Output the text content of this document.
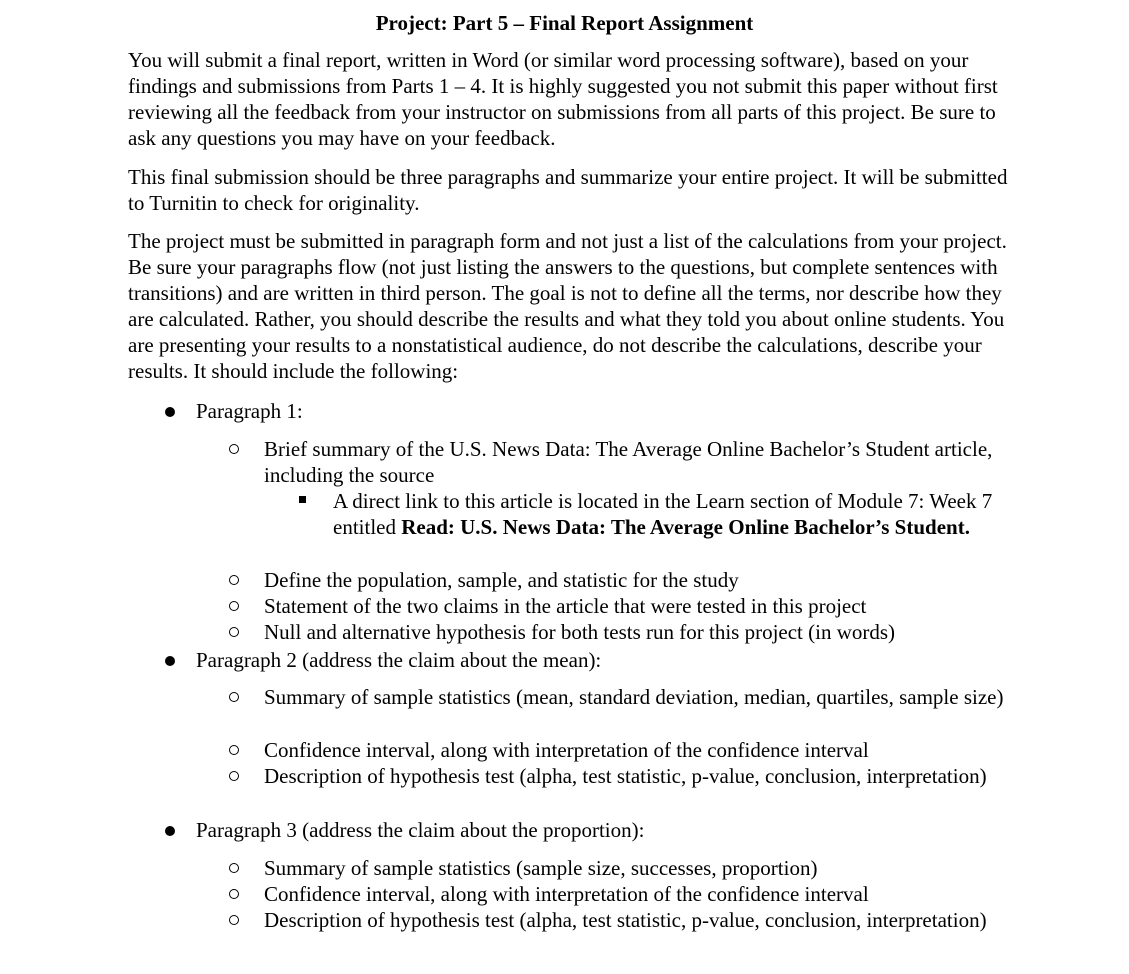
Project: Part 5 – Final Report Assignment

You will submit a final report, written in Word (or similar word processing software), based on your findings and submissions from Parts 1 – 4. It is highly suggested you not submit this paper without first reviewing all the feedback from your instructor on submissions from all parts of this project. Be sure to ask any questions you may have on your feedback.

This final submission should be three paragraphs and summarize your entire project. It will be submitted to Turnitin to check for originality.

The project must be submitted in paragraph form and not just a list of the calculations from your project. Be sure your paragraphs flow (not just listing the answers to the questions, but complete sentences with transitions) and are written in third person. The goal is not to define all the terms, nor describe how they are calculated. Rather, you should describe the results and what they told you about online students. You are presenting your results to a nonstatistical audience, do not describe the calculations, describe your results. It should include the following:

Paragraph 1:
Brief summary of the U.S. News Data: The Average Online Bachelor’s Student article, including the source
A direct link to this article is located in the Learn section of Module 7: Week 7 entitled Read: U.S. News Data: The Average Online Bachelor’s Student.
Define the population, sample, and statistic for the study
Statement of the two claims in the article that were tested in this project
Null and alternative hypothesis for both tests run for this project (in words)
Paragraph 2 (address the claim about the mean):
Summary of sample statistics (mean, standard deviation, median, quartiles, sample size)
Confidence interval, along with interpretation of the confidence interval
Description of hypothesis test (alpha, test statistic, p-value, conclusion, interpretation)
Paragraph 3 (address the claim about the proportion):
Summary of sample statistics (sample size, successes, proportion)
Confidence interval, along with interpretation of the confidence interval
Description of hypothesis test (alpha, test statistic, p-value, conclusion, interpretation)
